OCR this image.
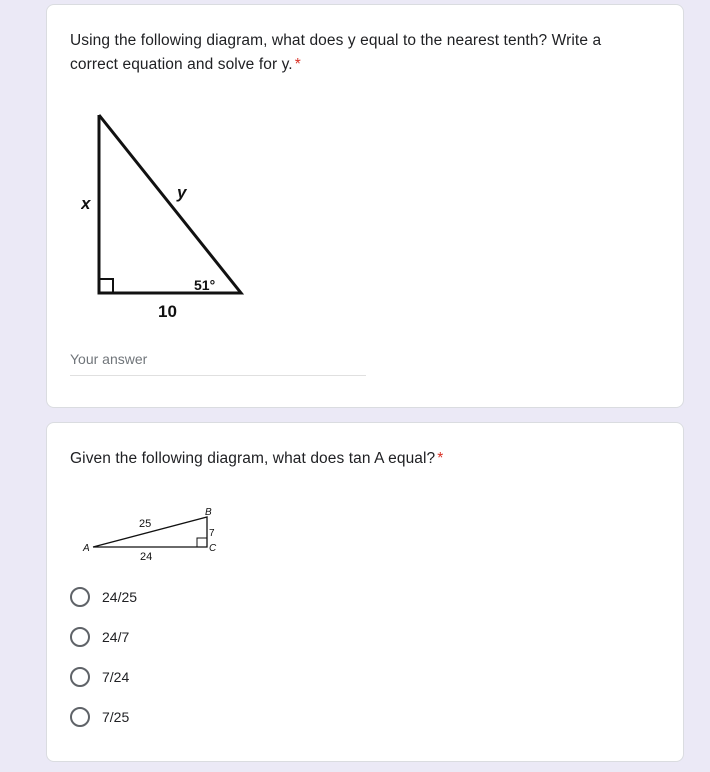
Using the following diagram, what does y equal to the nearest tenth? Write a correct equation and solve for y. *
x
y
10
51°
Your answer
Given the following diagram, what does tan A equal? *
A
B
C
25
24
7
24/25
24/7
7/24
7/25
